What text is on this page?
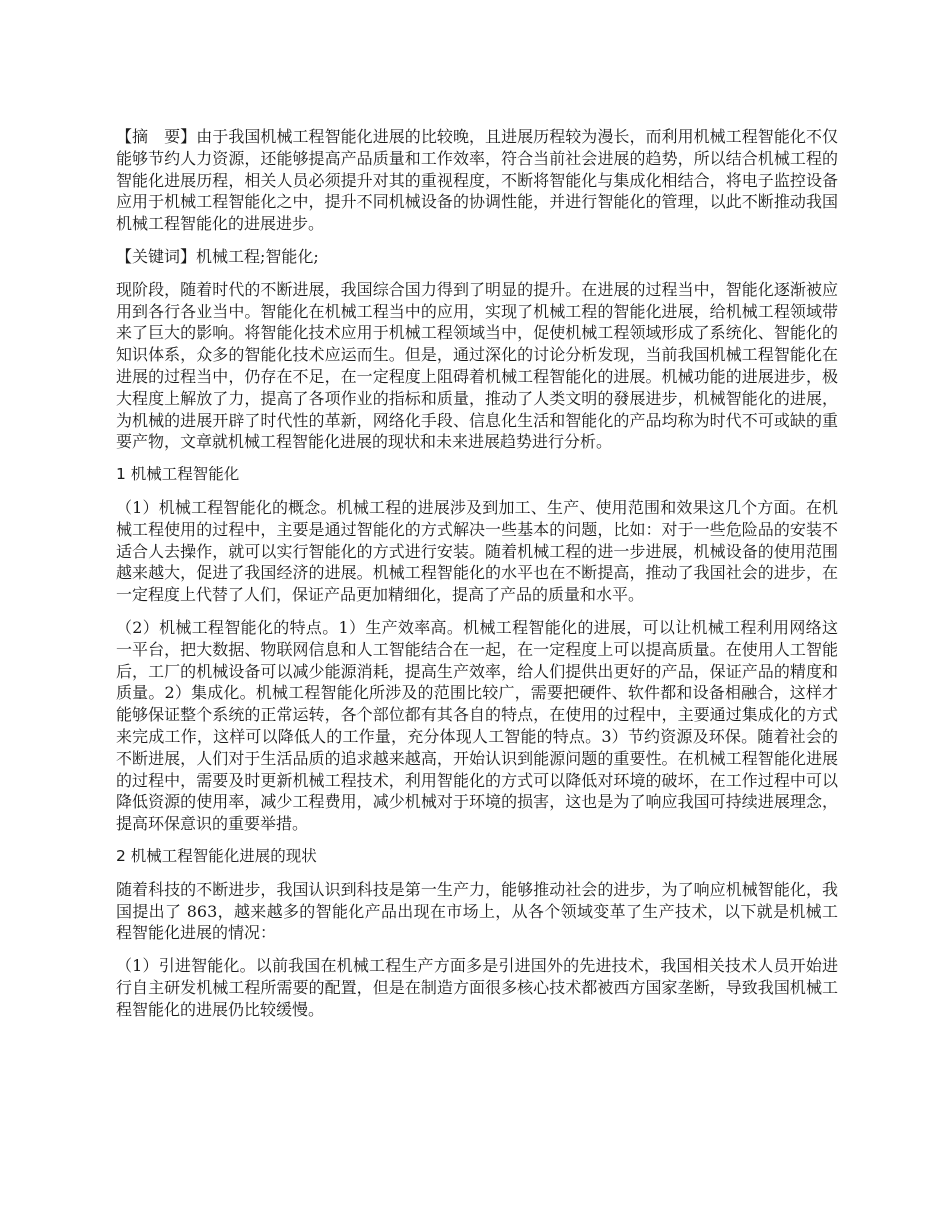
【摘　要】由于我国机械工程智能化进展的比较晚，且进展历程较为漫长，而利用机械工程智能化不仅能够节约人力资源，还能够提高产品质量和工作效率，符合当前社会进展的趋势，所以结合机械工程的智能化进展历程，相关人员必须提升对其的重视程度，不断将智能化与集成化相结合，将电子监控设备应用于机械工程智能化之中，提升不同机械设备的协调性能，并进行智能化的管理，以此不断推动我国机械工程智能化的进展进步。

【关键词】机械工程;智能化;

现阶段，随着时代的不断进展，我国综合国力得到了明显的提升。在进展的过程当中，智能化逐渐被应用到各行各业当中。智能化在机械工程当中的应用，实现了机械工程的智能化进展，给机械工程领域带来了巨大的影响。将智能化技术应用于机械工程领域当中，促使机械工程领域形成了系统化、智能化的知识体系，众多的智能化技术应运而生。但是，通过深化的讨论分析发现，当前我国机械工程智能化在进展的过程当中，仍存在不足，在一定程度上阻碍着机械工程智能化的进展。机械功能的进展进步，极大程度上解放了力，提高了各项作业的指标和质量，推动了人类文明的發展进步，机械智能化的进展，为机械的进展开辟了时代性的革新，网络化手段、信息化生活和智能化的产品均称为时代不可或缺的重要产物，文章就机械工程智能化进展的现状和未来进展趋势进行分析。

1 机械工程智能化

（1）机械工程智能化的概念。机械工程的进展涉及到加工、生产、使用范围和效果这几个方面。在机械工程使用的过程中，主要是通过智能化的方式解决一些基本的问题，比如：对于一些危险品的安装不适合人去操作，就可以实行智能化的方式进行安装。随着机械工程的进一步进展，机械设备的使用范围越来越大，促进了我国经济的进展。机械工程智能化的水平也在不断提高，推动了我国社会的进步，在一定程度上代替了人们，保证产品更加精细化，提高了产品的质量和水平。

（2）机械工程智能化的特点。1）生产效率高。机械工程智能化的进展，可以让机械工程利用网络这一平台，把大数据、物联网信息和人工智能结合在一起，在一定程度上可以提高质量。在使用人工智能后，工厂的机械设备可以减少能源消耗，提高生产效率，给人们提供出更好的产品，保证产品的精度和质量。2）集成化。机械工程智能化所涉及的范围比较广，需要把硬件、软件都和设备相融合，这样才能够保证整个系统的正常运转，各个部位都有其各自的特点，在使用的过程中，主要通过集成化的方式来完成工作，这样可以降低人的工作量，充分体现人工智能的特点。3）节约资源及环保。随着社会的不断进展，人们对于生活品质的追求越来越高，开始认识到能源问题的重要性。在机械工程智能化进展的过程中，需要及时更新机械工程技术，利用智能化的方式可以降低对环境的破坏，在工作过程中可以降低资源的使用率，减少工程费用，减少机械对于环境的损害，这也是为了响应我国可持续进展理念，提高环保意识的重要举措。

2 机械工程智能化进展的现状

随着科技的不断进步，我国认识到科技是第一生产力，能够推动社会的进步，为了响应机械智能化，我国提出了 863，越来越多的智能化产品出现在市场上，从各个领域变革了生产技术，以下就是机械工程智能化进展的情况：

（1）引进智能化。以前我国在机械工程生产方面多是引进国外的先进技术，我国相关技术人员开始进行自主研发机械工程所需要的配置，但是在制造方面很多核心技术都被西方国家垄断，导致我国机械工程智能化的进展仍比较缓慢。
